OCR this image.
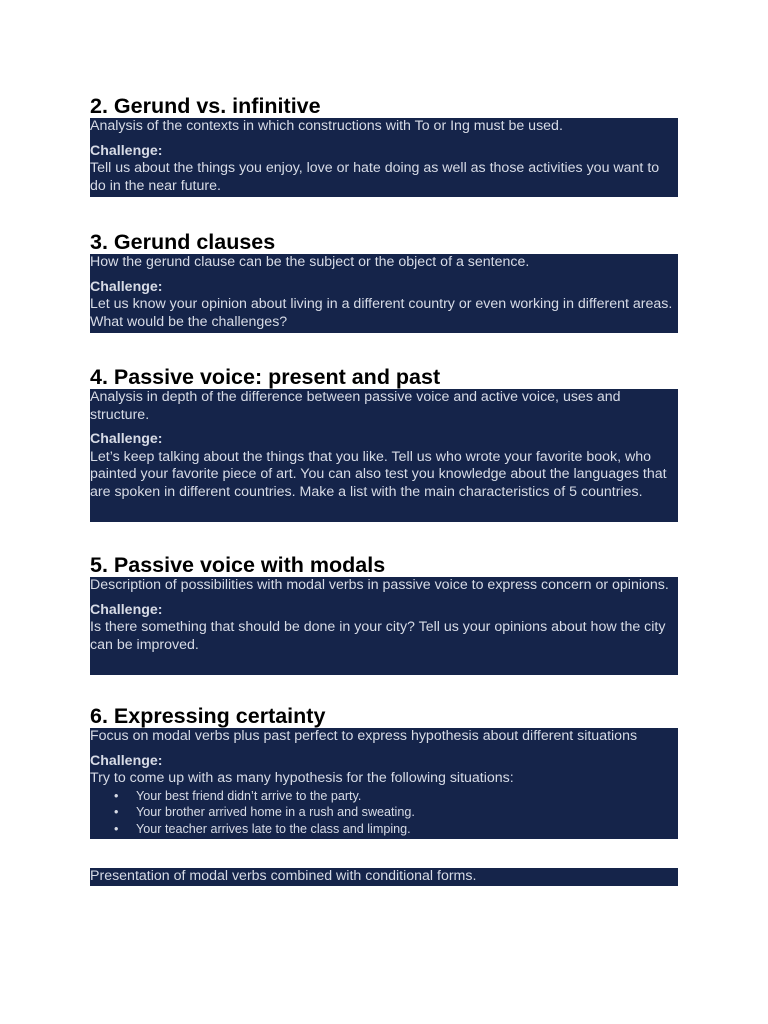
2. Gerund vs. infinitive

Analysis of the contexts in which constructions with To or Ing must be used.

Challenge:

Tell us about the things you enjoy, love or hate doing as well as those activities you want to do in the near future.

3. Gerund clauses

How the gerund clause can be the subject or the object of a sentence.

Challenge:

Let us know your opinion about living in a different country or even working in different areas. What would be the challenges?

4. Passive voice: present and past

Analysis in depth of the difference between passive voice and active voice, uses and structure.

Challenge:

Let’s keep talking about the things that you like. Tell us who wrote your favorite book, who painted your favorite piece of art. You can also test you knowledge about the languages that are spoken in different countries. Make a list with the main characteristics of 5 countries.

5. Passive voice with modals

Description of possibilities with modal verbs in passive voice to express concern or opinions.

Challenge:

Is there something that should be done in your city? Tell us your opinions about how the city can be improved.

6. Expressing certainty

Focus on modal verbs plus past perfect to express hypothesis about different situations

Challenge:

Try to come up with as many hypothesis for the following situations:

• Your best friend didn’t arrive to the party.
• Your brother arrived home in a rush and sweating.
• Your teacher arrives late to the class and limping.

Presentation of modal verbs combined with conditional forms.
